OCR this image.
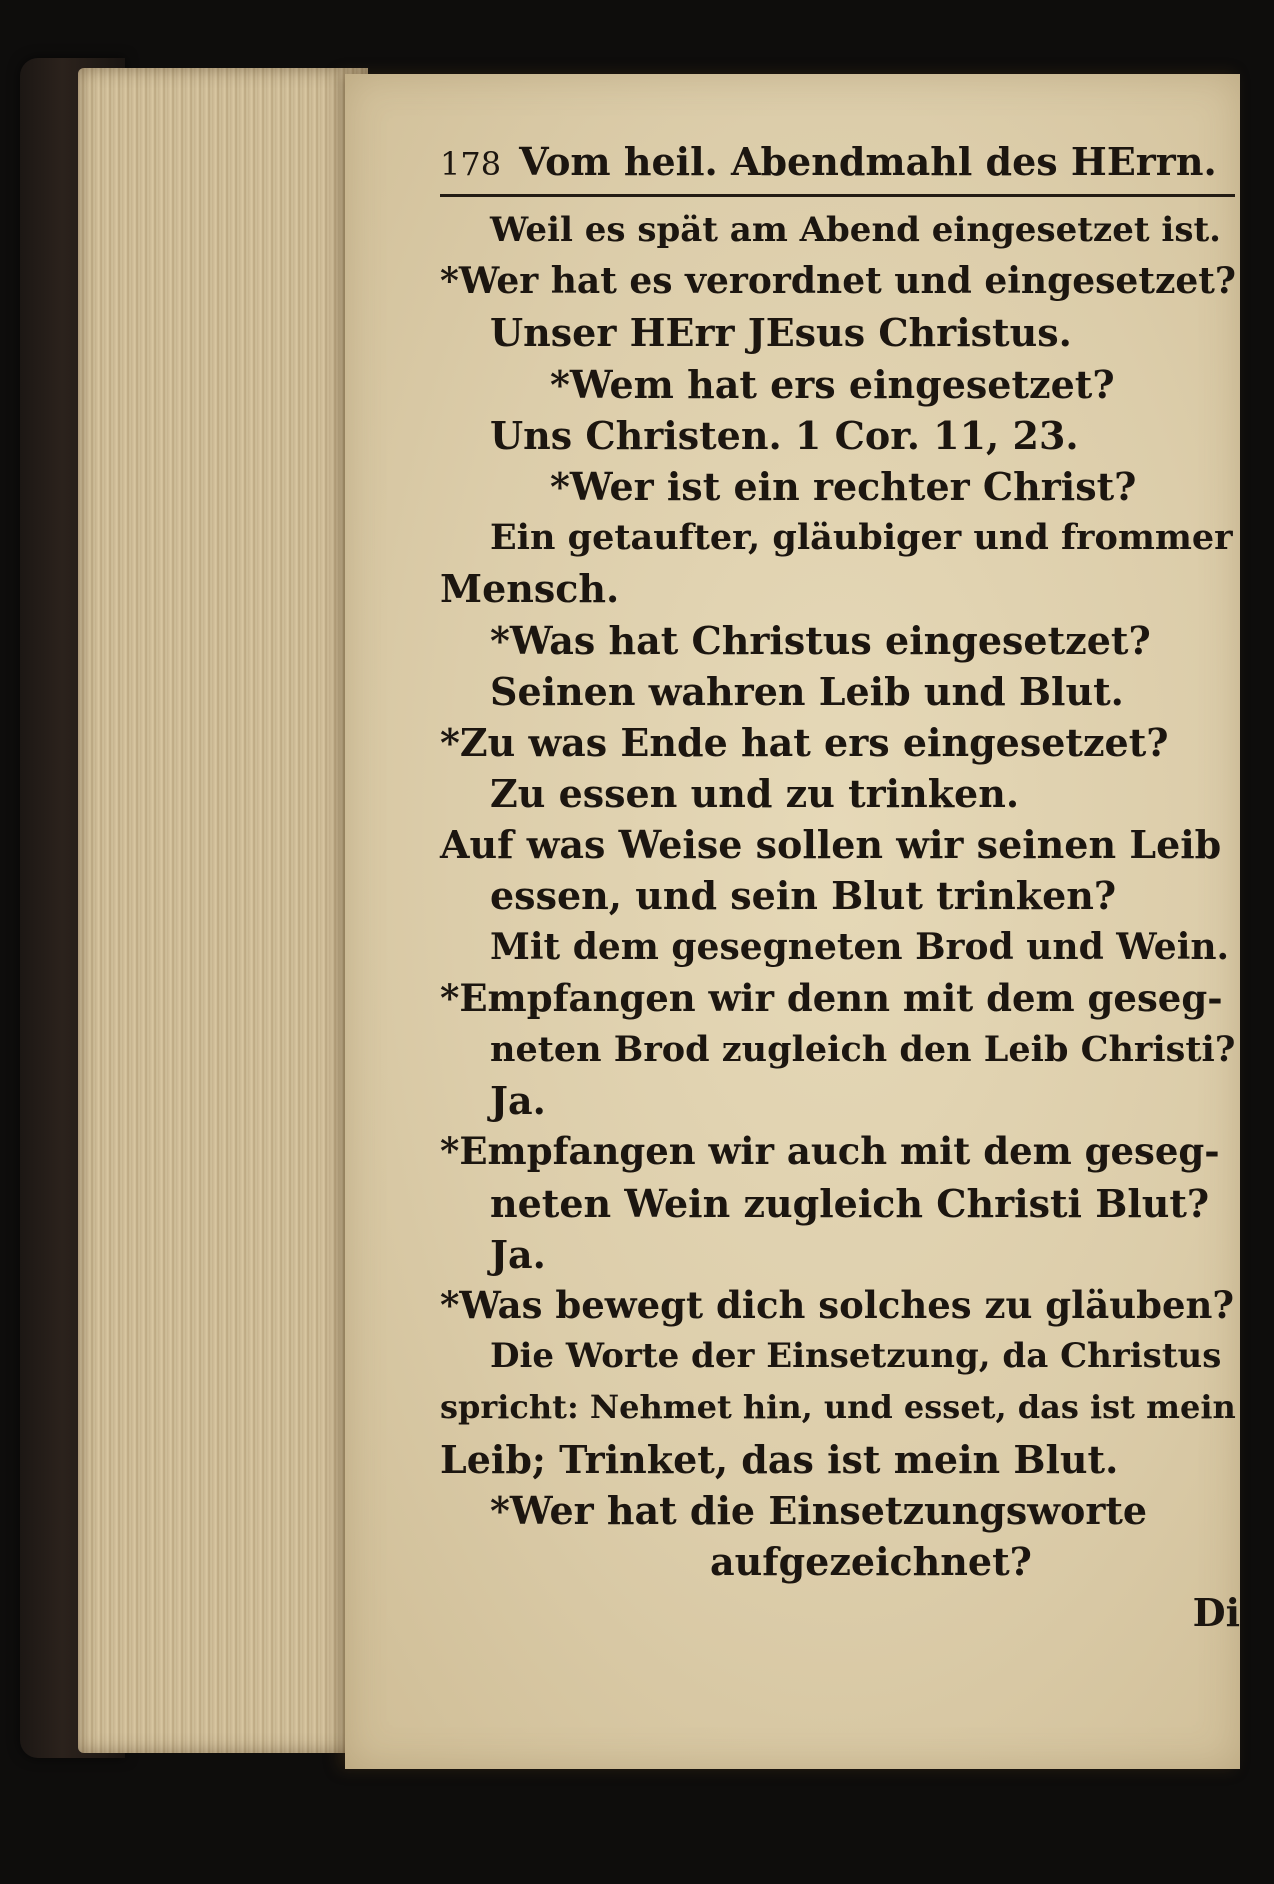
178 Vom heil. Abendmahl des HErrn.
Weil es spät am Abend eingesetzet ist.
*Wer hat es verordnet und eingesetzet?
Unser HErr JEsus Christus.
*Wem hat ers eingesetzet?
Uns Christen. 1 Cor. 11, 23.
*Wer ist ein rechter Christ?
Ein getaufter, gläubiger und frommer
Mensch.
*Was hat Christus eingesetzet?
Seinen wahren Leib und Blut.
*Zu was Ende hat ers eingesetzet?
Zu essen und zu trinken.
Auf was Weise sollen wir seinen Leib
essen, und sein Blut trinken?
Mit dem gesegneten Brod und Wein.
*Empfangen wir denn mit dem geseg-
neten Brod zugleich den Leib Christi?
Ja.
*Empfangen wir auch mit dem geseg-
neten Wein zugleich Christi Blut?
Ja.
*Was bewegt dich solches zu gläuben?
Die Worte der Einsetzung, da Christus
spricht: Nehmet hin, und esset, das ist mein
Leib; Trinket, das ist mein Blut.
*Wer hat die Einsetzungsworte
aufgezeichnet?
Di
